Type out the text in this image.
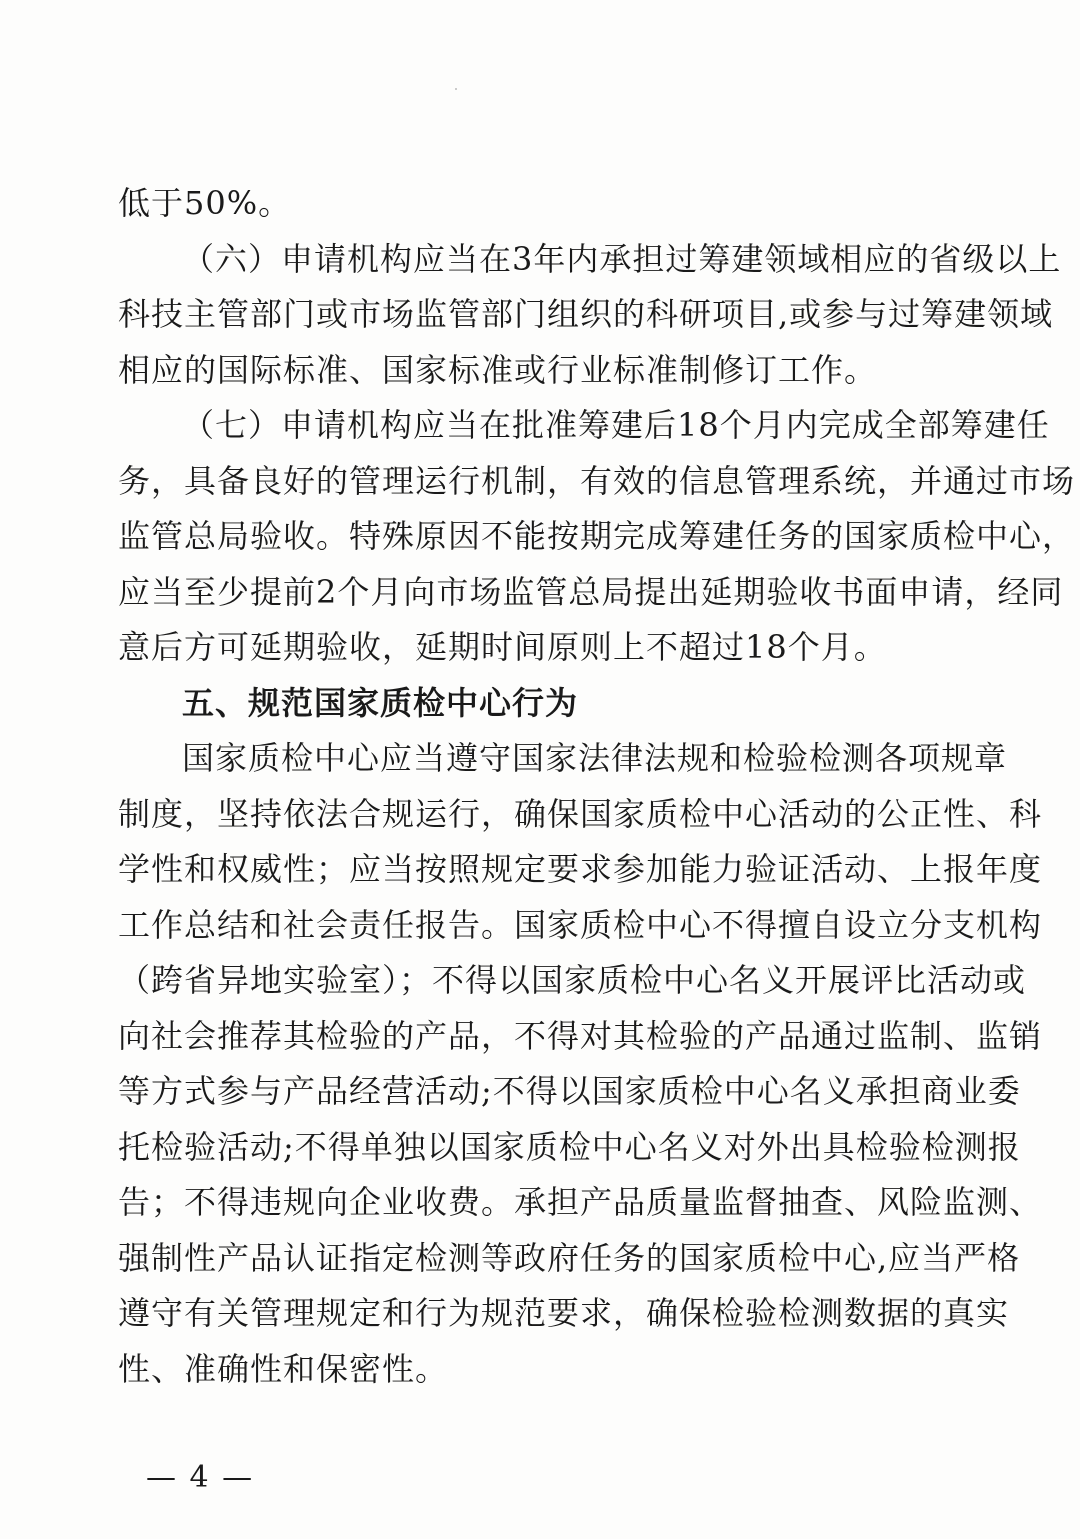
低于50%。
（六）申请机构应当在3年内承担过筹建领域相应的省级以上
科技主管部门或市场监管部门组织的科研项目,或参与过筹建领域
相应的国际标准、国家标准或行业标准制修订工作。
（七）申请机构应当在批准筹建后18个月内完成全部筹建任
务，具备良好的管理运行机制，有效的信息管理系统，并通过市场
监管总局验收。特殊原因不能按期完成筹建任务的国家质检中心，
应当至少提前2个月向市场监管总局提出延期验收书面申请，经同
意后方可延期验收，延期时间原则上不超过18个月。
五、规范国家质检中心行为
国家质检中心应当遵守国家法律法规和检验检测各项规章
制度，坚持依法合规运行，确保国家质检中心活动的公正性、科
学性和权威性；应当按照规定要求参加能力验证活动、上报年度
工作总结和社会责任报告。国家质检中心不得擅自设立分支机构
（跨省异地实验室）；不得以国家质检中心名义开展评比活动或
向社会推荐其检验的产品，不得对其检验的产品通过监制、监销
等方式参与产品经营活动;不得以国家质检中心名义承担商业委
托检验活动;不得单独以国家质检中心名义对外出具检验检测报
告；不得违规向企业收费。承担产品质量监督抽查、风险监测、
强制性产品认证指定检测等政府任务的国家质检中心,应当严格
遵守有关管理规定和行为规范要求，确保检验检测数据的真实
性、准确性和保密性。
— 4 —
